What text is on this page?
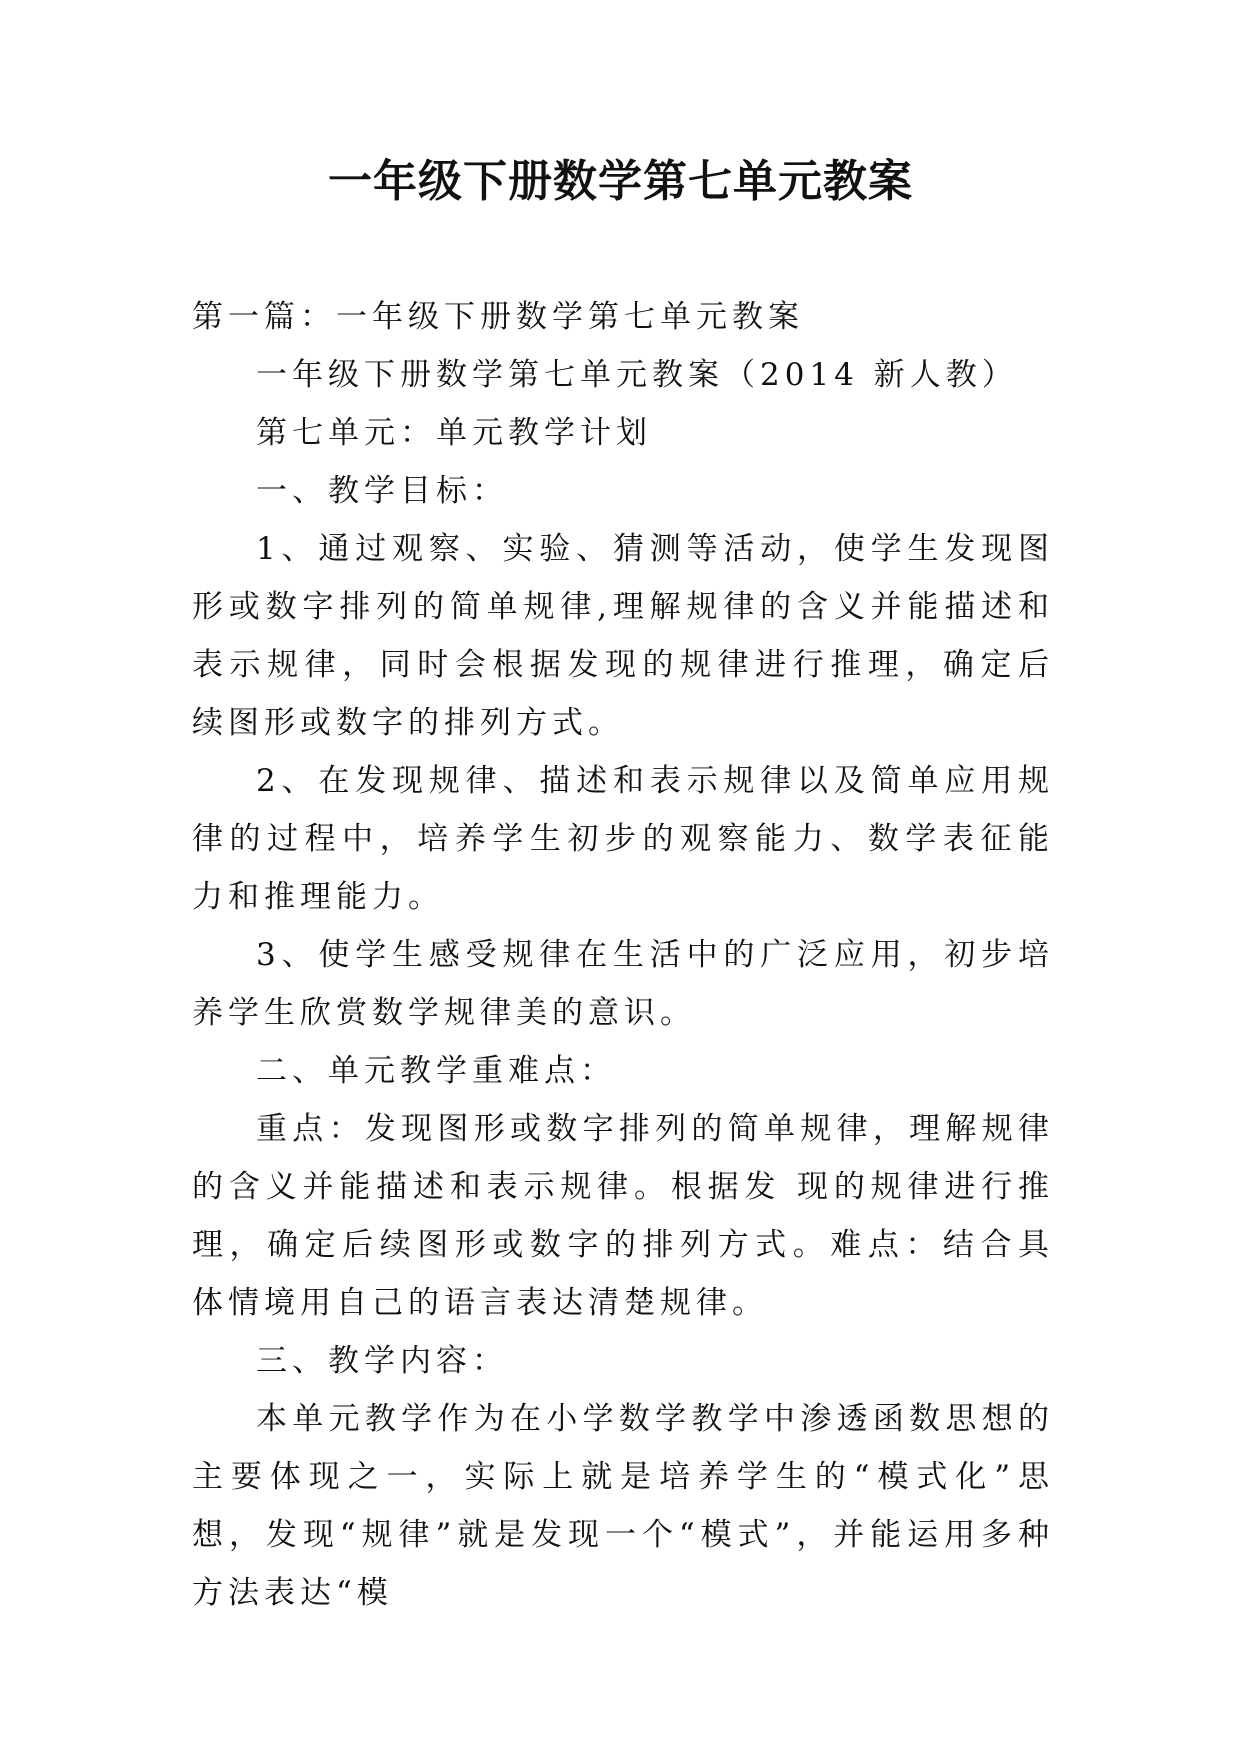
一年级下册数学第七单元教案

第一篇：一年级下册数学第七单元教案

一年级下册数学第七单元教案（2014 新人教）

第七单元：单元教学计划

一、教学目标：

1、通过观察、实验、猜测等活动，使学生发现图形或数字排列的简单规律,理解规律的含义并能描述和表示规律，同时会根据发现的规律进行推理，确定后续图形或数字的排列方式。

2、在发现规律、描述和表示规律以及简单应用规律的过程中，培养学生初步的观察能力、数学表征能力和推理能力。

3、使学生感受规律在生活中的广泛应用，初步培养学生欣赏数学规律美的意识。

二、单元教学重难点：

重点：发现图形或数字排列的简单规律，理解规律的含义并能描述和表示规律。根据发 现的规律进行推理，确定后续图形或数字的排列方式。难点：结合具体情境用自己的语言表达清楚规律。

三、教学内容：

本单元教学作为在小学数学教学中渗透函数思想的主要体现之一，实际上就是培养学生的“模式化”思想，发现“规律”就是发现一个“模式”，并能运用多种方法表达“模
